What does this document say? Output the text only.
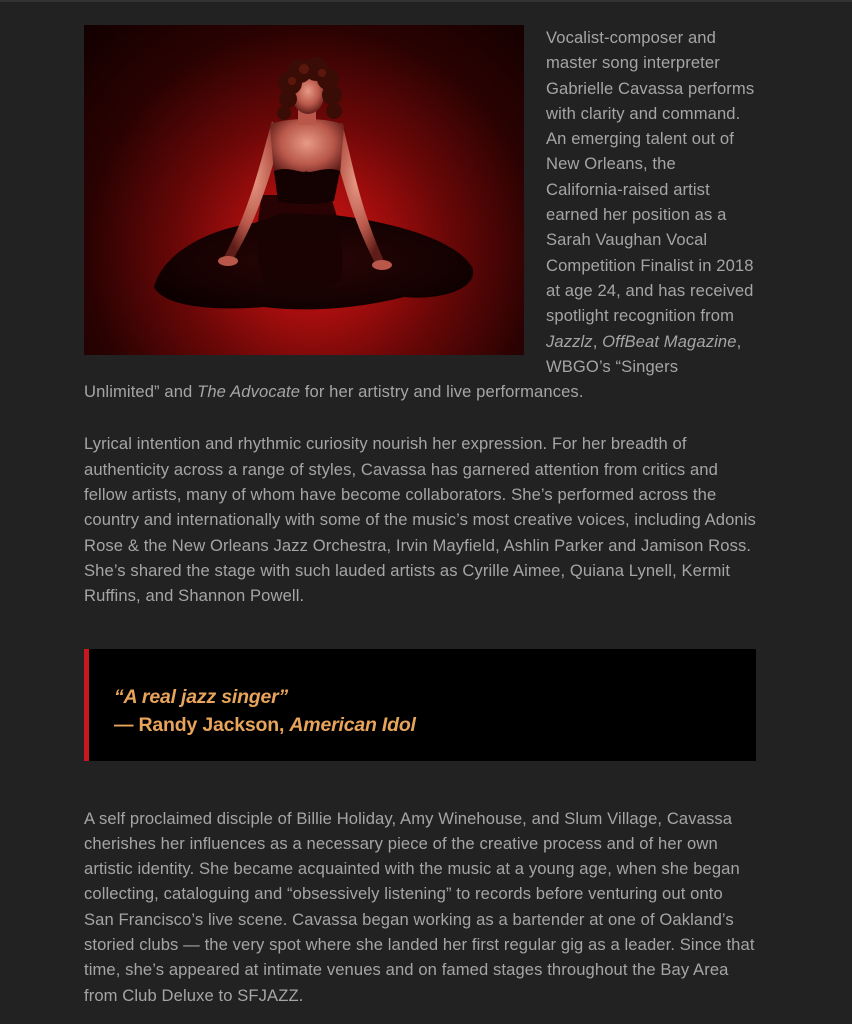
Vocalist-composer and master song interpreter Gabrielle Cavassa performs with clarity and command. An emerging talent out of New Orleans, the California-raised artist earned her position as a Sarah Vaughan Vocal Competition Finalist in 2018 at age 24, and has received spotlight recognition from Jazzlz, OffBeat Magazine, WBGO’s “Singers Unlimited” and The Advocate for her artistry and live performances.

Lyrical intention and rhythmic curiosity nourish her expression. For her breadth of authenticity across a range of styles, Cavassa has garnered attention from critics and fellow artists, many of whom have become collaborators. She’s performed across the country and internationally with some of the music’s most creative voices, including Adonis Rose & the New Orleans Jazz Orchestra, Irvin Mayfield, Ashlin Parker and Jamison Ross. She’s shared the stage with such lauded artists as Cyrille Aimee, Quiana Lynell, Kermit Ruffins, and Shannon Powell.

“A real jazz singer”
— Randy Jackson, American Idol

A self proclaimed disciple of Billie Holiday, Amy Winehouse, and Slum Village, Cavassa cherishes her influences as a necessary piece of the creative process and of her own artistic identity. She became acquainted with the music at a young age, when she began collecting, cataloguing and “obsessively listening” to records before venturing out onto San Francisco’s live scene. Cavassa began working as a bartender at one of Oakland’s storied clubs — the very spot where she landed her first regular gig as a leader. Since that time, she’s appeared at intimate venues and on famed stages throughout the Bay Area from Club Deluxe to SFJAZZ.
